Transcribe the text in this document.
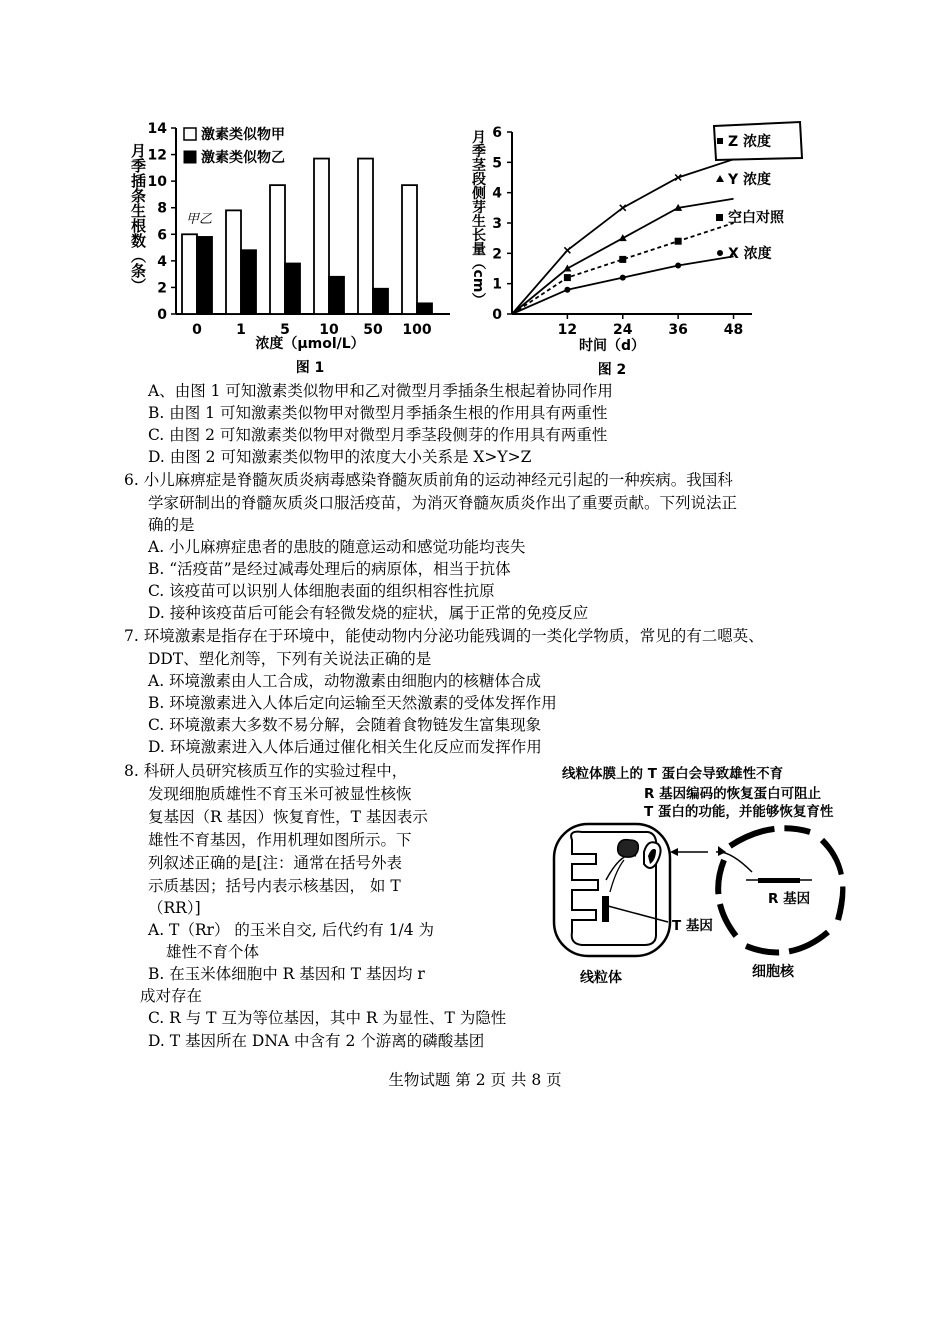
月季插条生根数（条）
0
2
4
6
8
10
12
14
0 1 5 10 50 100
激素类似物甲
激素类似物乙
甲乙
浓度（μmol/L）
图 1
月季茎段侧芽生长量（cm）
0
1
2
3
4
5
6
12	24	36	48
Z 浓度
Y 浓度
空白对照
X 浓度
时间（d）
图 2
A、由图 1 可知激素类似物甲和乙对微型月季插条生根起着协同作用
B. 由图 1 可知激素类似物甲对微型月季插条生根的作用具有两重性
C. 由图 2 可知激素类似物甲对微型月季茎段侧芽的作用具有两重性
D. 由图 2 可知激素类似物甲的浓度大小关系是 X>Y>Z
6. 小儿麻痹症是脊髓灰质炎病毒感染脊髓灰质前角的运动神经元引起的一种疾病。我国科
学家研制出的脊髓灰质炎口服活疫苗，为消灭脊髓灰质炎作出了重要贡献。下列说法正
确的是
A. 小儿麻痹症患者的患肢的随意运动和感觉功能均丧失
B. “活疫苗”是经过减毒处理后的病原体，相当于抗体
C. 该疫苗可以识别人体细胞表面的组织相容性抗原
D. 接种该疫苗后可能会有轻微发烧的症状，属于正常的免疫反应
7. 环境激素是指存在于环境中，能使动物内分泌功能残调的一类化学物质，常见的有二嗯英、
DDT、塑化剂等，下列有关说法正确的是
A. 环境激素由人工合成，动物激素由细胞内的核糖体合成
B. 环境激素进入人体后定向运输至天然激素的受体发挥作用
C. 环境激素大多数不易分解，会随着食物链发生富集现象
D. 环境激素进入人体后通过催化相关生化反应而发挥作用
8. 科研人员研究核质互作的实验过程中，
发现细胞质雄性不育玉米可被显性核恢
复基因（R 基因）恢复育性，T 基因表示
雄性不育基因，作用机理如图所示。下
列叙述正确的是[注：通常在括号外表
示质基因；括号内表示核基因， 如 T
（RR）]
A. T（Rr） 的玉米自交, 后代约有 1/4 为
雄性不育个体
B. 在玉米体细胞中 R 基因和 T 基因均 r
成对存在
C. R 与 T 互为等位基因，其中 R 为显性、T 为隐性
D. T 基因所在 DNA 中含有 2 个游离的磷酸基团
线粒体膜上的 T 蛋白会导致雄性不育
R 基因编码的恢复蛋白可阻止
T 蛋白的功能，并能够恢复育性
T 基因
R 基因
线粒体	细胞核
生物试题 第 2 页 共 8 页
